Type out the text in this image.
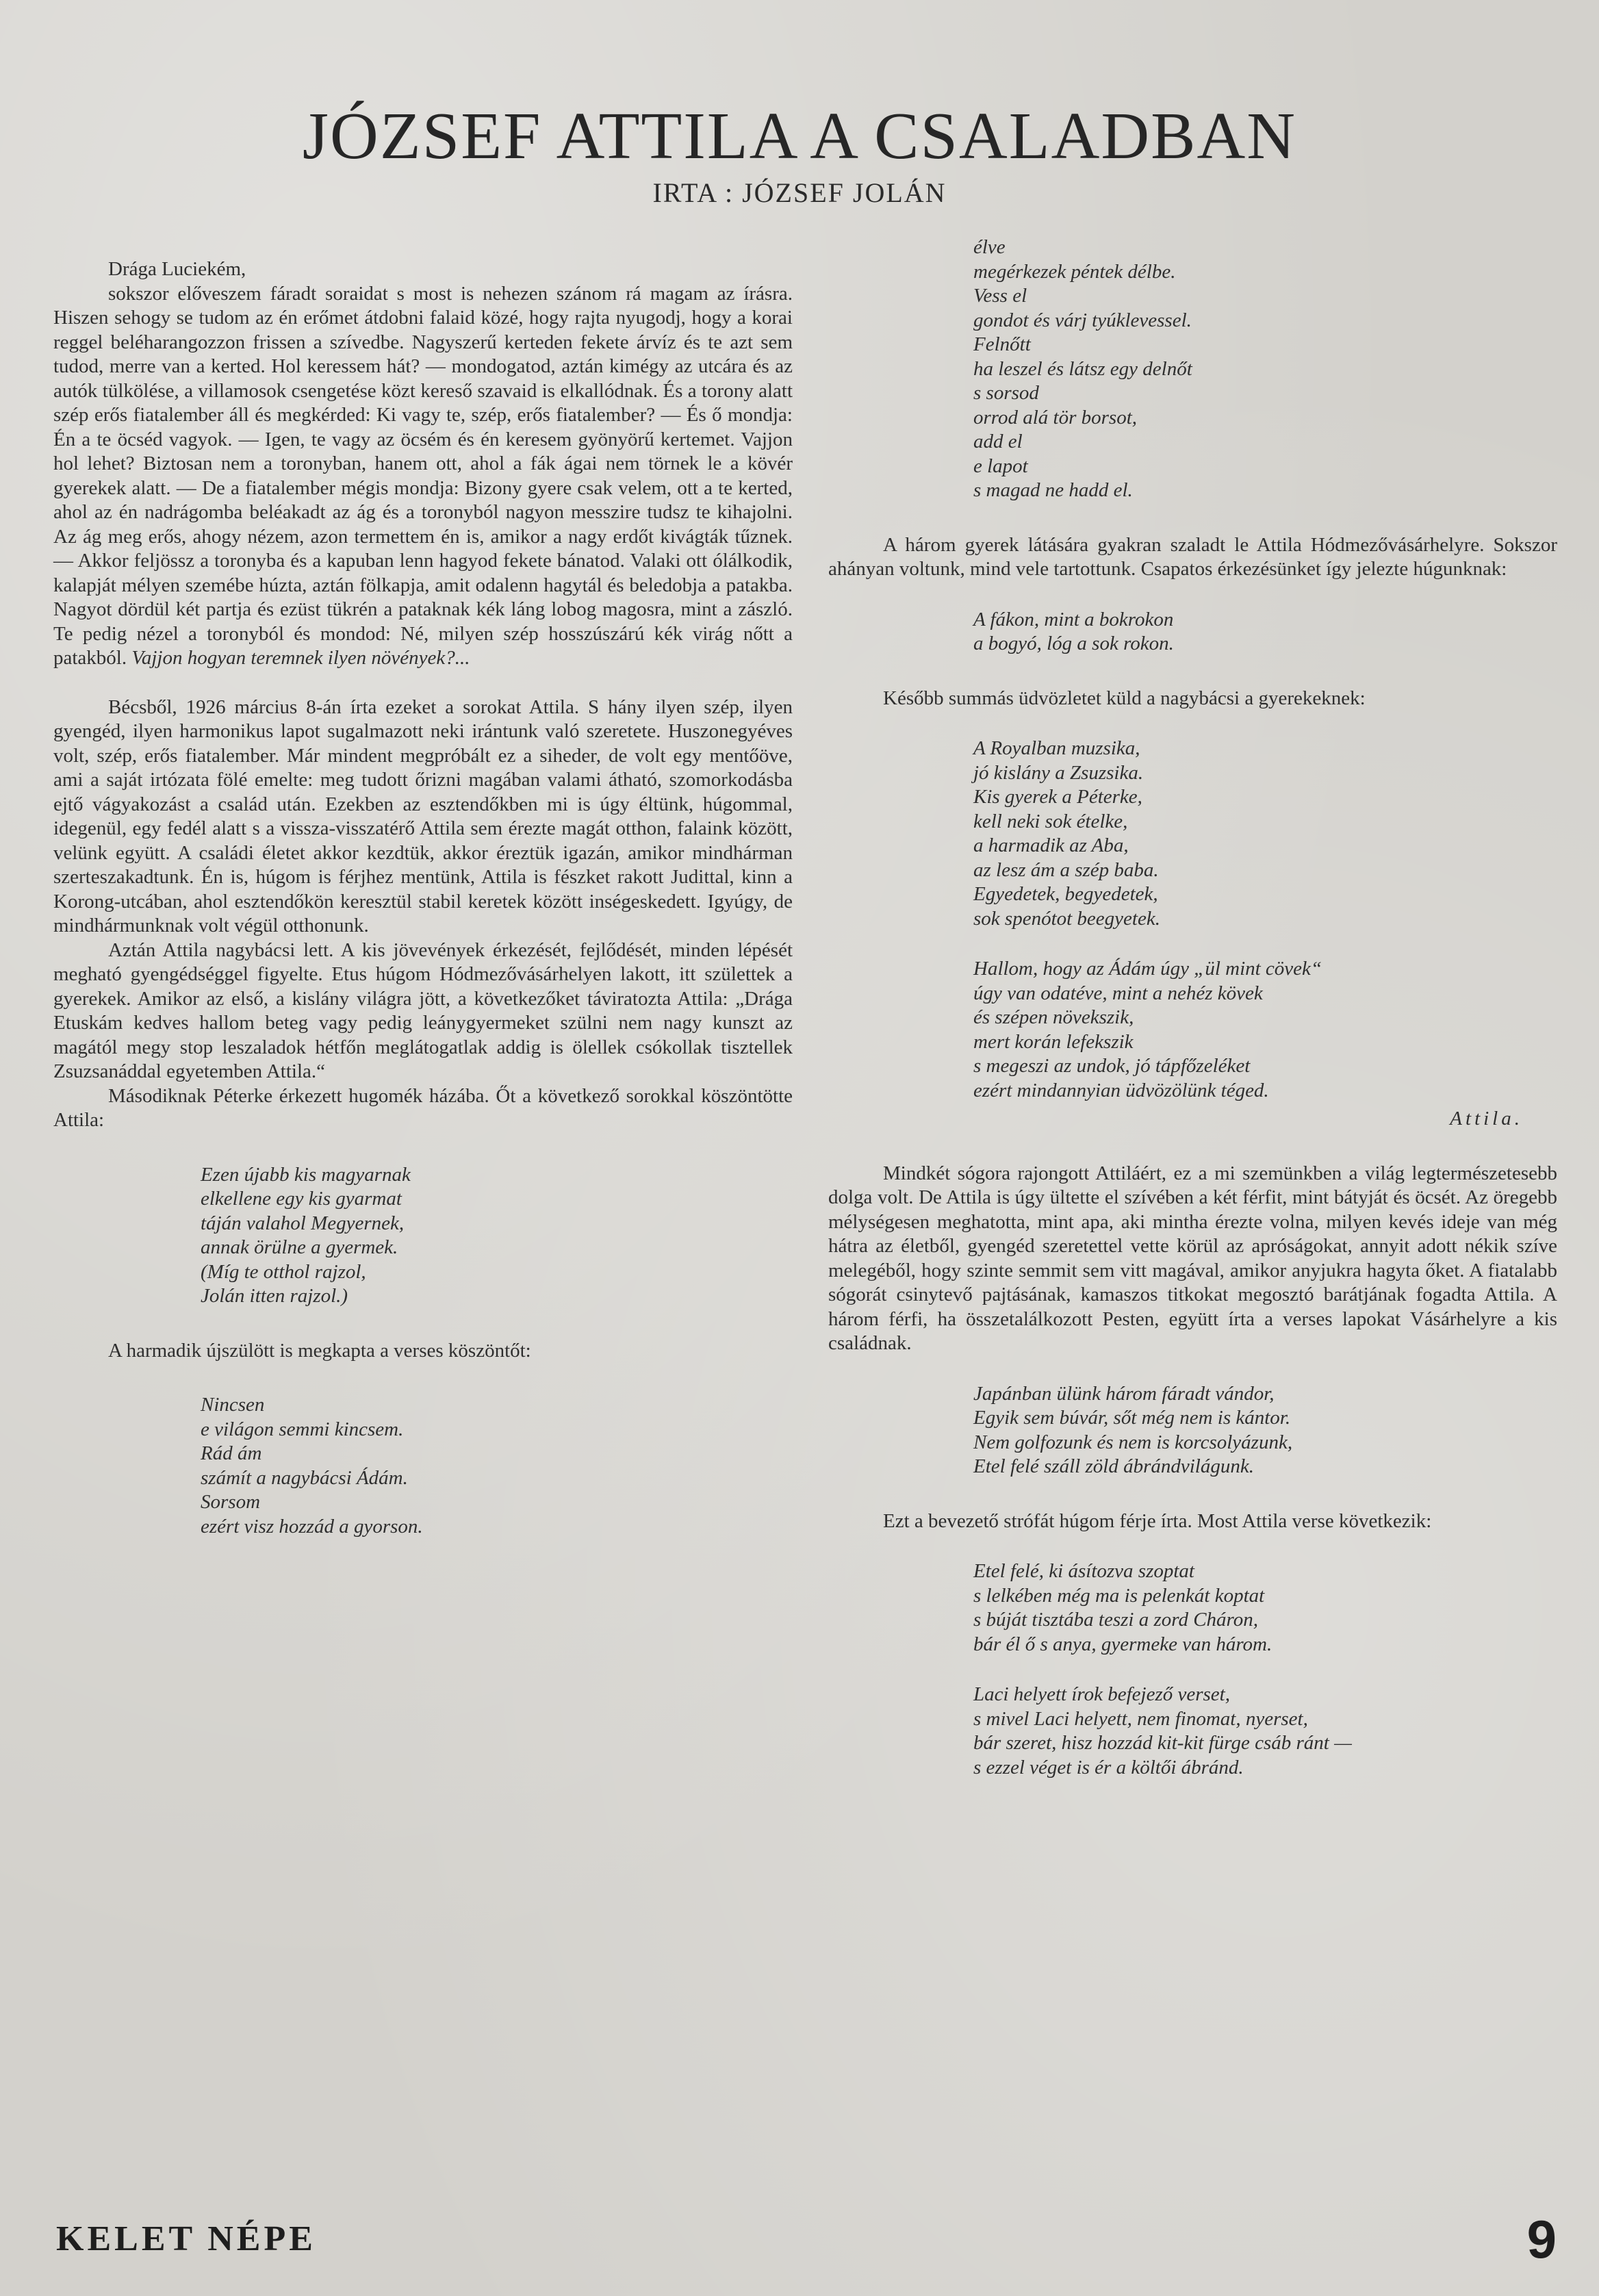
JÓZSEF ATTILA A CSALADBAN
IRTA : JÓZSEF JOLÁN

Drága Luciekém,

sokszor előveszem fáradt soraidat s most is nehezen szánom rá magam az írásra. Hiszen sehogy se tudom az én erőmet átdobni falaid közé, hogy rajta nyugodj, hogy a korai reggel beléharangozzon frissen a szívedbe. Nagyszerű kerteden fekete árvíz és te azt sem tudod, merre van a kerted. Hol keressem hát? — mondogatod, aztán kimégy az utcára és az autók tülkölése, a villamosok csengetése közt kereső szavaid is elkallódnak. És a torony alatt szép erős fiatalember áll és megkérded: Ki vagy te, szép, erős fiatalember? — És ő mondja: Én a te öcséd vagyok. — Igen, te vagy az öcsém és én keresem gyönyörű kertemet. Vajjon hol lehet? Biztosan nem a toronyban, hanem ott, ahol a fák ágai nem törnek le a kövér gyerekek alatt. — De a fiatalember mégis mondja: Bizony gyere csak velem, ott a te kerted, ahol az én nadrágomba beléakadt az ág és a toronyból nagyon messzire tudsz te kihajolni. Az ág meg erős, ahogy nézem, azon termettem én is, amikor a nagy erdőt kivágták tűznek. — Akkor feljössz a toronyba és a kapuban lenn hagyod fekete bánatod. Valaki ott ólálkodik, kalapját mélyen szemébe húzta, aztán fölkapja, amit odalenn hagytál és beledobja a patakba. Nagyot dördül két partja és ezüst tükrén a pataknak kék láng lobog magosra, mint a zászló. Te pedig nézel a toronyból és mondod: Né, milyen szép hosszúszárú kék virág nőtt a patakból. Vajjon hogyan teremnek ilyen növények?...

Bécsből, 1926 március 8-án írta ezeket a sorokat Attila. S hány ilyen szép, ilyen gyengéd, ilyen harmonikus lapot sugalmazott neki irántunk való szeretete. Huszonegyéves volt, szép, erős fiatalember. Már mindent megpróbált ez a siheder, de volt egy mentőöve, ami a saját irtózata fölé emelte: meg tudott őrizni magában valami átható, szomorkodásba ejtő vágyakozást a család után. Ezekben az esztendőkben mi is úgy éltünk, húgommal, idegenül, egy fedél alatt s a vissza-visszatérő Attila sem érezte magát otthon, falaink között, velünk együtt. A családi életet akkor kezdtük, akkor éreztük igazán, amikor mindhárman szerteszakadtunk. Én is, húgom is férjhez mentünk, Attila is fészket rakott Judittal, kinn a Korong-utcában, ahol esztendőkön keresztül stabil keretek között inségeskedett. Igyúgy, de mindhármunknak volt végül otthonunk.

Aztán Attila nagybácsi lett. A kis jövevények érkezését, fejlődését, minden lépését megható gyengédséggel figyelte. Etus húgom Hódmezővásárhelyen lakott, itt születtek a gyerekek. Amikor az első, a kislány világra jött, a következőket táviratozta Attila: „Drága Etuskám kedves hallom beteg vagy pedig leánygyermeket szülni nem nagy kunszt az magától megy stop leszaladok hétfőn meglátogatlak addig is ölellek csókollak tisztellek Zsuzsanáddal egyetemben Attila.“

Másodiknak Péterke érkezett hugomék házába. Őt a következő sorokkal köszöntötte Attila:

Ezen újabb kis magyarnak
elkellene egy kis gyarmat
táján valahol Megyernek,
annak örülne a gyermek.
(Míg te otthol rajzol,
Jolán itten rajzol.)

A harmadik újszülött is megkapta a verses köszöntőt:

Nincsen
e világon semmi kincsem.
Rád ám
számít a nagybácsi Ádám.
Sorsom
ezért visz hozzád a gyorson.
élve
megérkezek péntek délbe.
Vess el
gondot és várj tyúklevessel.
Felnőtt
ha leszel és látsz egy delnőt
s sorsod
orrod alá tör borsot,
add el
e lapot
s magad ne hadd el.

A három gyerek látására gyakran szaladt le Attila Hódmezővásárhelyre. Sokszor ahányan voltunk, mind vele tartottunk. Csapatos érkezésünket így jelezte húgunknak:

A fákon, mint a bokrokon
a bogyó, lóg a sok rokon.

Később summás üdvözletet küld a nagybácsi a gyerekeknek:

A Royalban muzsika,
jó kislány a Zsuzsika.
Kis gyerek a Péterke,
kell neki sok ételke,
a harmadik az Aba,
az lesz ám a szép baba.
Egyedetek, begyedetek,
sok spenótot beegyetek.
Hallom, hogy az Ádám úgy „ül mint cövek“
úgy van odatéve, mint a nehéz kövek
és szépen növekszik,
mert korán lefekszik
s megeszi az undok, jó tápfőzeléket
ezért mindannyian üdvözölünk téged.

Attila.

Mindkét sógora rajongott Attiláért, ez a mi szemünkben a világ legtermészetesebb dolga volt. De Attila is úgy ültette el szívében a két férfit, mint bátyját és öcsét. Az öregebb mélységesen meghatotta, mint apa, aki mintha érezte volna, milyen kevés ideje van még hátra az életből, gyengéd szeretettel vette körül az apróságokat, annyit adott nékik szíve melegéből, hogy szinte semmit sem vitt magával, amikor anyjukra hagyta őket. A fiatalabb sógorát csinytevő pajtásának, kamaszos titkokat megosztó barátjának fogadta Attila. A három férfi, ha összetalálkozott Pesten, együtt írta a verses lapokat Vásárhelyre a kis családnak.

Japánban ülünk három fáradt vándor,
Egyik sem búvár, sőt még nem is kántor.
Nem golfozunk és nem is korcsolyázunk,
Etel felé száll zöld ábrándvilágunk.

Ezt a bevezető strófát húgom férje írta. Most Attila verse következik:

Etel felé, ki ásítozva szoptat
s lelkében még ma is pelenkát koptat
s búját tisztába teszi a zord Cháron,
bár él ő s anya, gyermeke van három.
Laci helyett írok befejező verset,
s mivel Laci helyett, nem finomat, nyerset,
bár szeret, hisz hozzád kit-kit fürge csáb ránt —
s ezzel véget is ér a költői ábránd.
KELET NÉPE	9
